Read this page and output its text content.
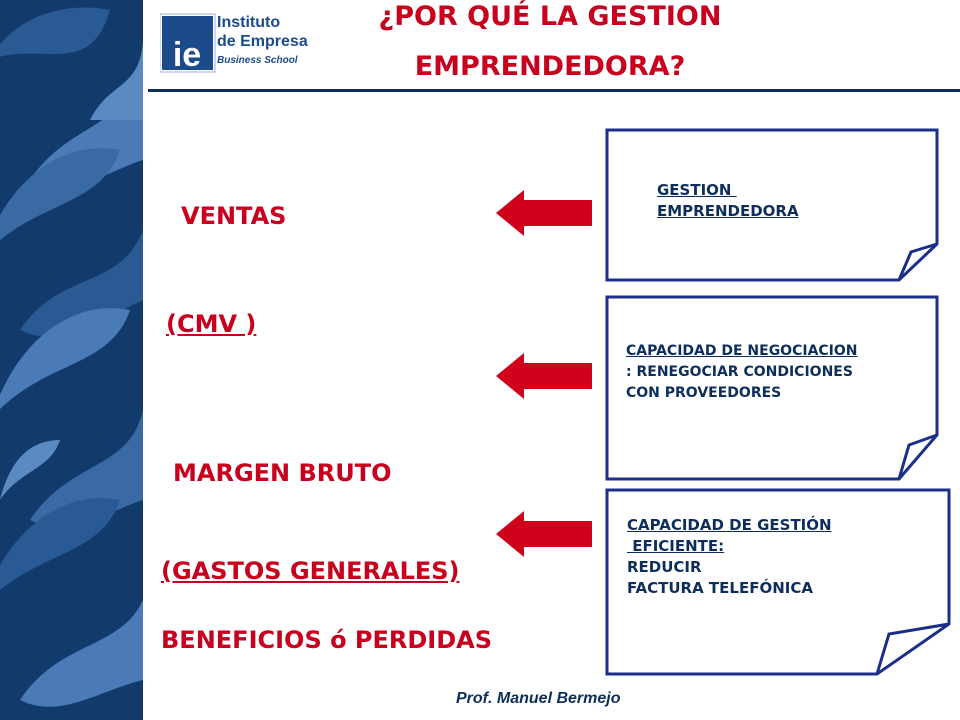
ie
Instituto
de Empresa
Business School
¿POR QUÉ LA GESTION
EMPRENDEDORA?
VENTAS
(CMV )
MARGEN BRUTO
(GASTOS GENERALES)
BENEFICIOS ó PERDIDAS
GESTION
EMPRENDEDORA
CAPACIDAD DE NEGOCIACION
: RENEGOCIAR CONDICIONES
CON PROVEEDORES
CAPACIDAD DE GESTIÓN
EFICIENTE:
REDUCIR
FACTURA TELEFÓNICA
Prof. Manuel Bermejo
